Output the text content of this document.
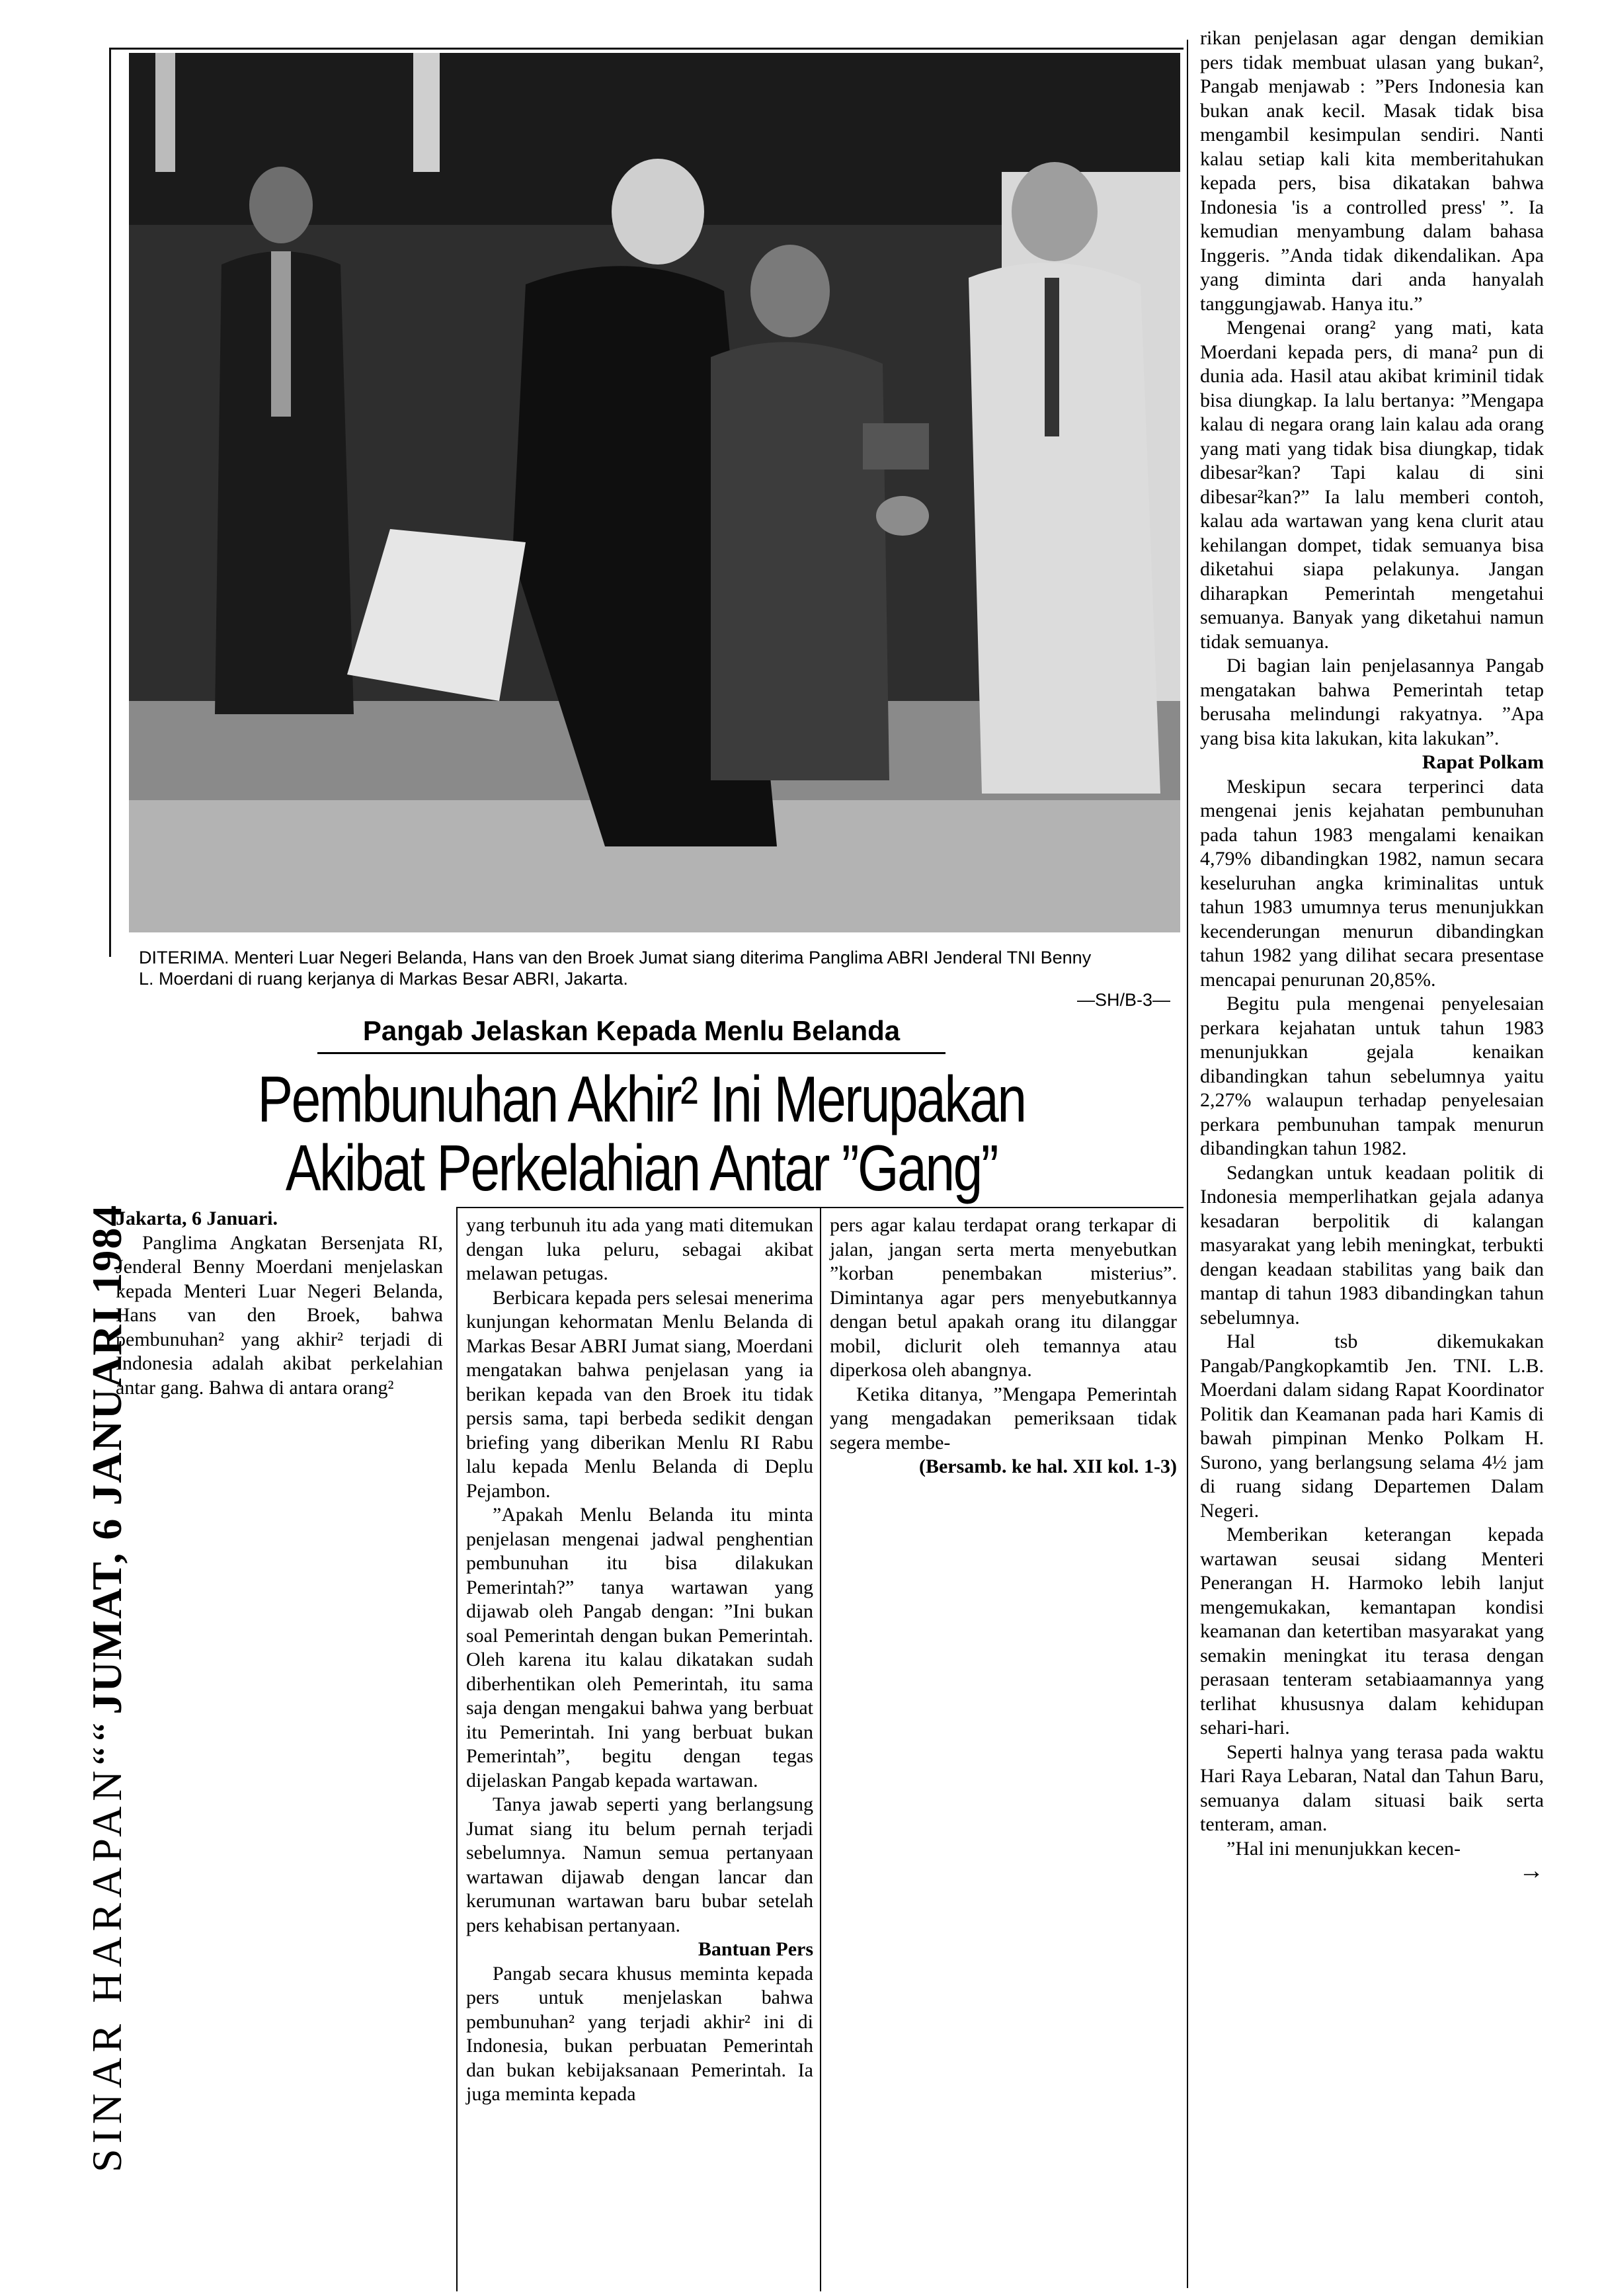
DITERIMA. Menteri Luar Negeri Belanda, Hans van den Broek Jumat siang diterima Panglima ABRI Jenderal TNI Benny

L. Moerdani di ruang kerjanya di Markas Besar ABRI, Jakarta.

—SH/B-3—

Pangab Jelaskan Kepada Menlu Belanda
Pembunuhan Akhir² Ini Merupakan
Akibat Perkelahian Antar ”Gang”
SINAR HARAPAN““ JUMAT, 6 JANUARI 1984

Jakarta, 6 Januari.

Panglima Angkatan Bersenjata RI, Jenderal Benny Moerdani menjelaskan kepada Menteri Luar Negeri Belanda, Hans van den Broek, bahwa pembunuhan² yang akhir² terjadi di Indonesia adalah akibat perkelahian antar gang. Bahwa di antara orang²

yang terbunuh itu ada yang mati ditemukan dengan luka peluru, sebagai akibat melawan petugas.

Berbicara kepada pers selesai menerima kunjungan kehormatan Menlu Belanda di Markas Besar ABRI Jumat siang, Moerdani mengatakan bahwa penjelasan yang ia berikan kepada van den Broek itu tidak persis sama, tapi berbeda sedikit dengan briefing yang diberikan Menlu RI Rabu lalu kepada Menlu Belanda di Deplu Pejambon.

”Apakah Menlu Belanda itu minta penjelasan mengenai jadwal penghentian pembunuhan itu bisa dilakukan Pemerintah?” tanya wartawan yang dijawab oleh Pangab dengan: ”Ini bukan soal Pemerintah dengan bukan Pemerintah. Oleh karena itu kalau dikatakan sudah diberhentikan oleh Pemerintah, itu sama saja dengan mengakui bahwa yang berbuat itu Pemerintah. Ini yang berbuat bukan Pemerintah”, begitu dengan tegas dijelaskan Pangab kepada wartawan.

Tanya jawab seperti yang berlangsung Jumat siang itu belum pernah terjadi sebelumnya. Namun semua pertanyaan wartawan dijawab dengan lancar dan kerumunan wartawan baru bubar setelah pers kehabisan pertanyaan.

Bantuan Pers

Pangab secara khusus meminta kepada pers untuk menjelaskan bahwa pembunuhan² yang terjadi akhir² ini di Indonesia, bukan perbuatan Pemerintah dan bukan kebijaksanaan Pemerintah. Ia juga meminta kepada

pers agar kalau terdapat orang terkapar di jalan, jangan serta merta menyebutkan ”korban penembakan misterius”. Dimintanya agar pers menyebutkannya dengan betul apakah orang itu dilanggar mobil, diclurit oleh temannya atau diperkosa oleh abangnya.

Ketika ditanya, ”Mengapa Pemerintah yang mengadakan pemeriksaan tidak segera membe-

(Bersamb. ke hal. XII kol. 1-3)

rikan penjelasan agar dengan demikian pers tidak membuat ulasan yang bukan², Pangab menjawab : ”Pers Indonesia kan bukan anak kecil. Masak tidak bisa mengambil kesimpulan sendiri. Nanti kalau setiap kali kita memberitahukan kepada pers, bisa dikatakan bahwa Indonesia 'is a controlled press' ”. Ia kemudian menyambung dalam bahasa Inggeris. ”Anda tidak dikendalikan. Apa yang diminta dari anda hanyalah tanggungjawab. Hanya itu.”

Mengenai orang² yang mati, kata Moerdani kepada pers, di mana² pun di dunia ada. Hasil atau akibat kriminil tidak bisa diungkap. Ia lalu bertanya: ”Mengapa kalau di negara orang lain kalau ada orang yang mati yang tidak bisa diungkap, tidak dibesar²kan? Tapi kalau di sini dibesar²kan?” Ia lalu memberi contoh, kalau ada wartawan yang kena clurit atau kehilangan dompet, tidak semuanya bisa diketahui siapa pelakunya. Jangan diharapkan Pemerintah mengetahui semuanya. Banyak yang diketahui namun tidak semuanya.

Di bagian lain penjelasannya Pangab mengatakan bahwa Pemerintah tetap berusaha melindungi rakyatnya. ”Apa yang bisa kita lakukan, kita lakukan”.

Rapat Polkam

Meskipun secara terperinci data mengenai jenis kejahatan pembunuhan pada tahun 1983 mengalami kenaikan 4,79% dibandingkan 1982, namun secara keseluruhan angka kriminalitas untuk tahun 1983 umumnya terus menunjukkan kecenderungan menurun dibandingkan tahun 1982 yang dilihat secara presentase mencapai penurunan 20,85%.

Begitu pula mengenai penyelesaian perkara kejahatan untuk tahun 1983 menunjukkan gejala kenaikan dibandingkan tahun sebelumnya yaitu 2,27% walaupun terhadap penyelesaian perkara pembunuhan tampak menurun dibandingkan tahun 1982.

Sedangkan untuk keadaan politik di Indonesia memperlihatkan gejala adanya kesadaran berpolitik di kalangan masyarakat yang lebih meningkat, terbukti dengan keadaan stabilitas yang baik dan mantap di tahun 1983 dibandingkan tahun sebelumnya.

Hal tsb dikemukakan Pangab/Pangkopkamtib Jen. TNI. L.B. Moerdani dalam sidang Rapat Koordinator Politik dan Keamanan pada hari Kamis di bawah pimpinan Menko Polkam H. Surono, yang berlangsung selama 4½ jam di ruang sidang Departemen Dalam Negeri.

Memberikan keterangan kepada wartawan seusai sidang Menteri Penerangan H. Harmoko lebih lanjut mengemukakan, kemantapan kondisi keamanan dan ketertiban masyarakat yang semakin meningkat itu terasa dengan perasaan tenteram setabiaamannya yang terlihat khususnya dalam kehidupan sehari-hari.

Seperti halnya yang terasa pada waktu Hari Raya Lebaran, Natal dan Tahun Baru, semuanya dalam situasi baik serta tenteram, aman.

”Hal ini menunjukkan kecen-

→
